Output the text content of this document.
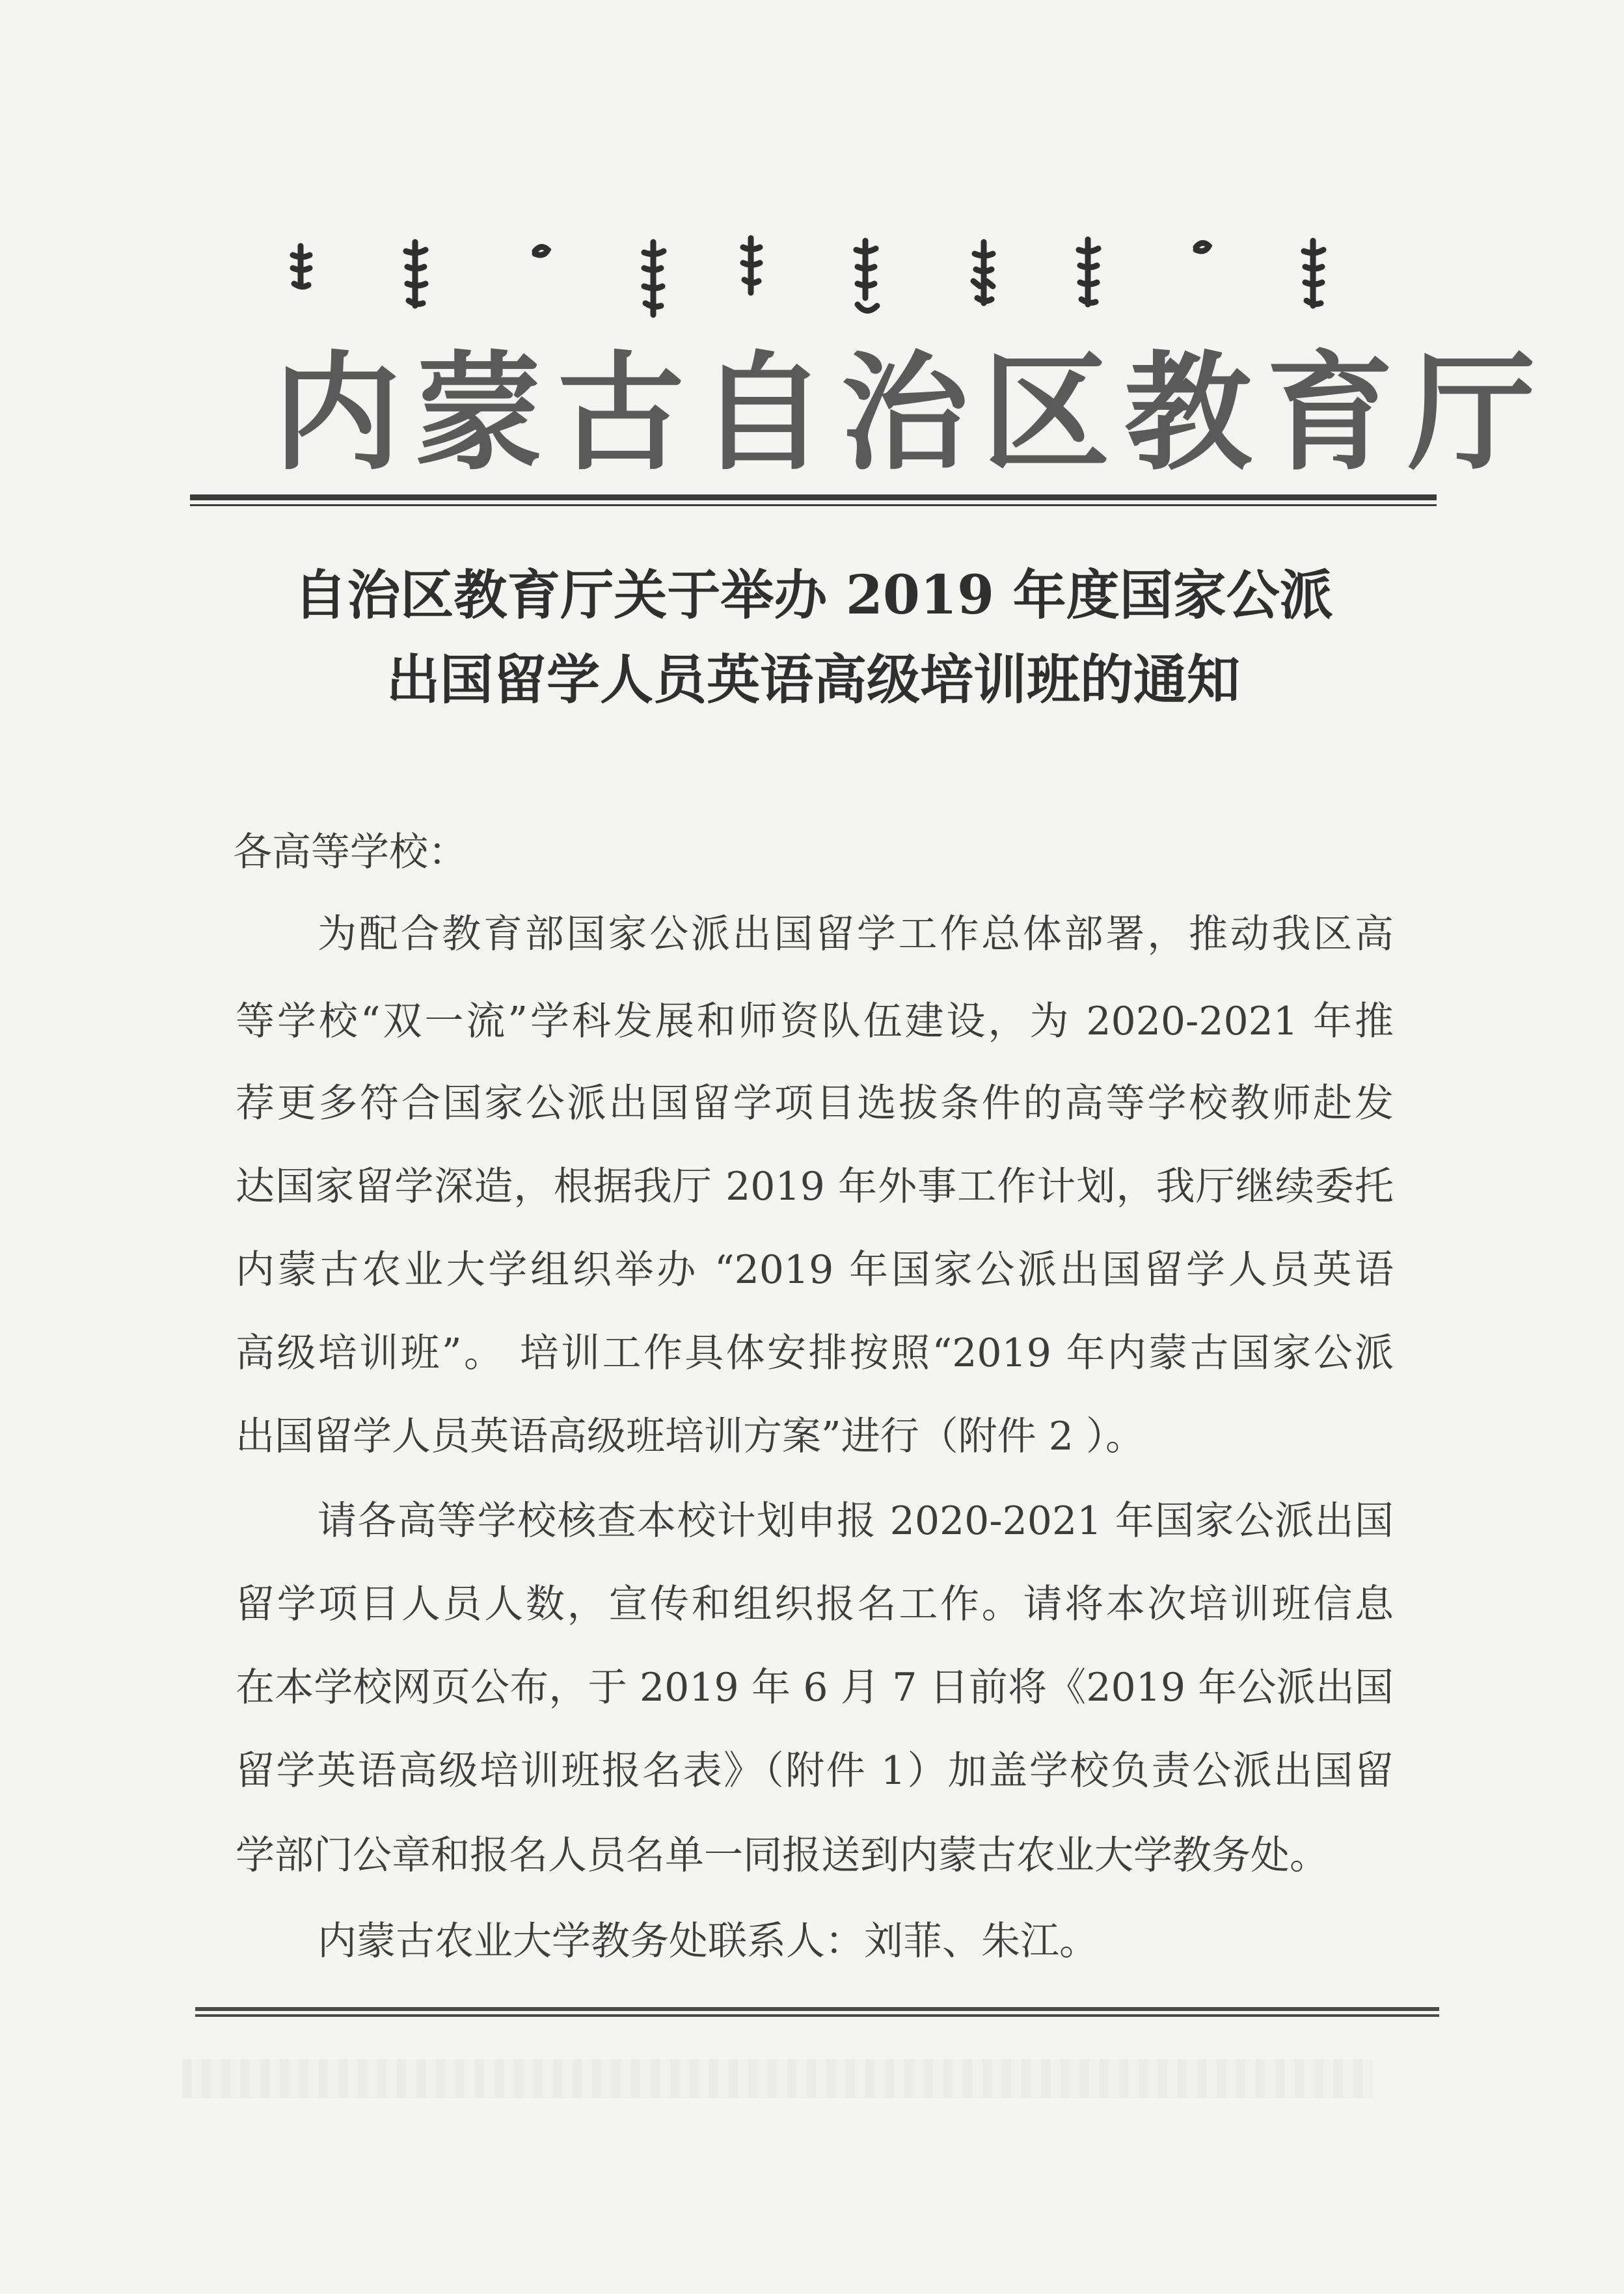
内蒙古自治区教育厅
自治区教育厅关于举办 2019 年度国家公派
出国留学人员英语高级培训班的通知
各高等学校：
为配合教育部国家公派出国留学工作总体部署，推动我区高
等学校“双一流”学科发展和师资队伍建设，为 2020-2021 年推
荐更多符合国家公派出国留学项目选拔条件的高等学校教师赴发
达国家留学深造，根据我厅 2019 年外事工作计划，我厅继续委托
内蒙古农业大学组织举办 “2019 年国家公派出国留学人员英语
高级培训班”。 培训工作具体安排按照“2019 年内蒙古国家公派
出国留学人员英语高级班培训方案”进行（附件 2 ）。
请各高等学校核查本校计划申报 2020-2021 年国家公派出国
留学项目人员人数，宣传和组织报名工作。请将本次培训班信息
在本学校网页公布，于 2019 年 6 月 7 日前将《2019 年公派出国
留学英语高级培训班报名表》（附件 1）加盖学校负责公派出国留
学部门公章和报名人员名单一同报送到内蒙古农业大学教务处。
内蒙古农业大学教务处联系人：刘菲、朱江。
